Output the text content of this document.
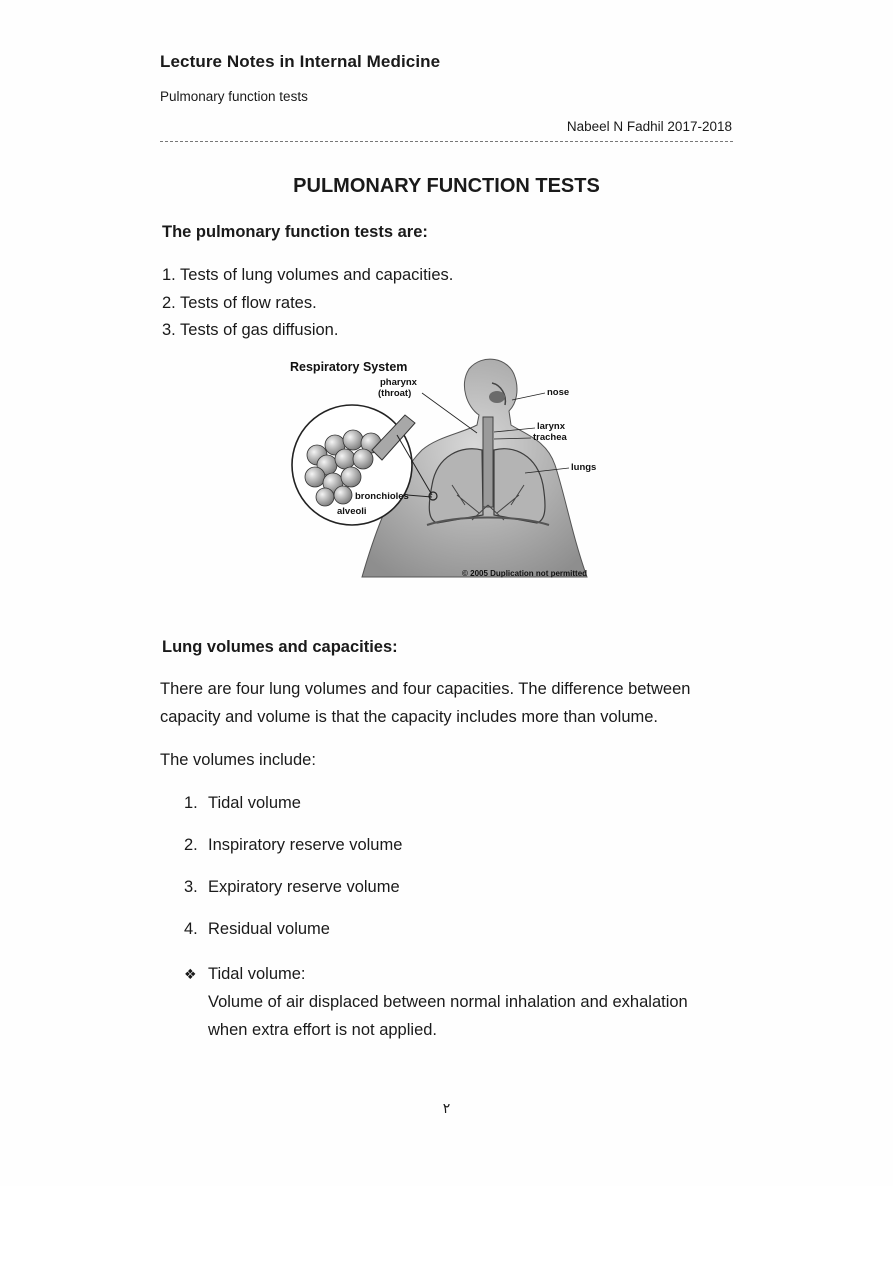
Lecture Notes in Internal Medicine
Pulmonary function tests
Nabeel N Fadhil 2017-2018
PULMONARY FUNCTION TESTS
The pulmonary function tests are:
1. Tests of lung volumes and capacities.
2. Tests of flow rates.
3. Tests of gas diffusion.
Respiratory System
pharynx
(throat)	nose
larynx
trachea
lungs
bronchioles
alveoli
© 2005 Duplication not permitted
Lung volumes and capacities:
There are four lung volumes and four capacities. The difference between
capacity and volume is that the capacity includes more than volume.
The volumes include:
1. Tidal volume
2. Inspiratory reserve volume
3. Expiratory reserve volume
4. Residual volume
❖ Tidal volume:
Volume of air displaced between normal inhalation and exhalation
when extra effort is not applied.
٢
